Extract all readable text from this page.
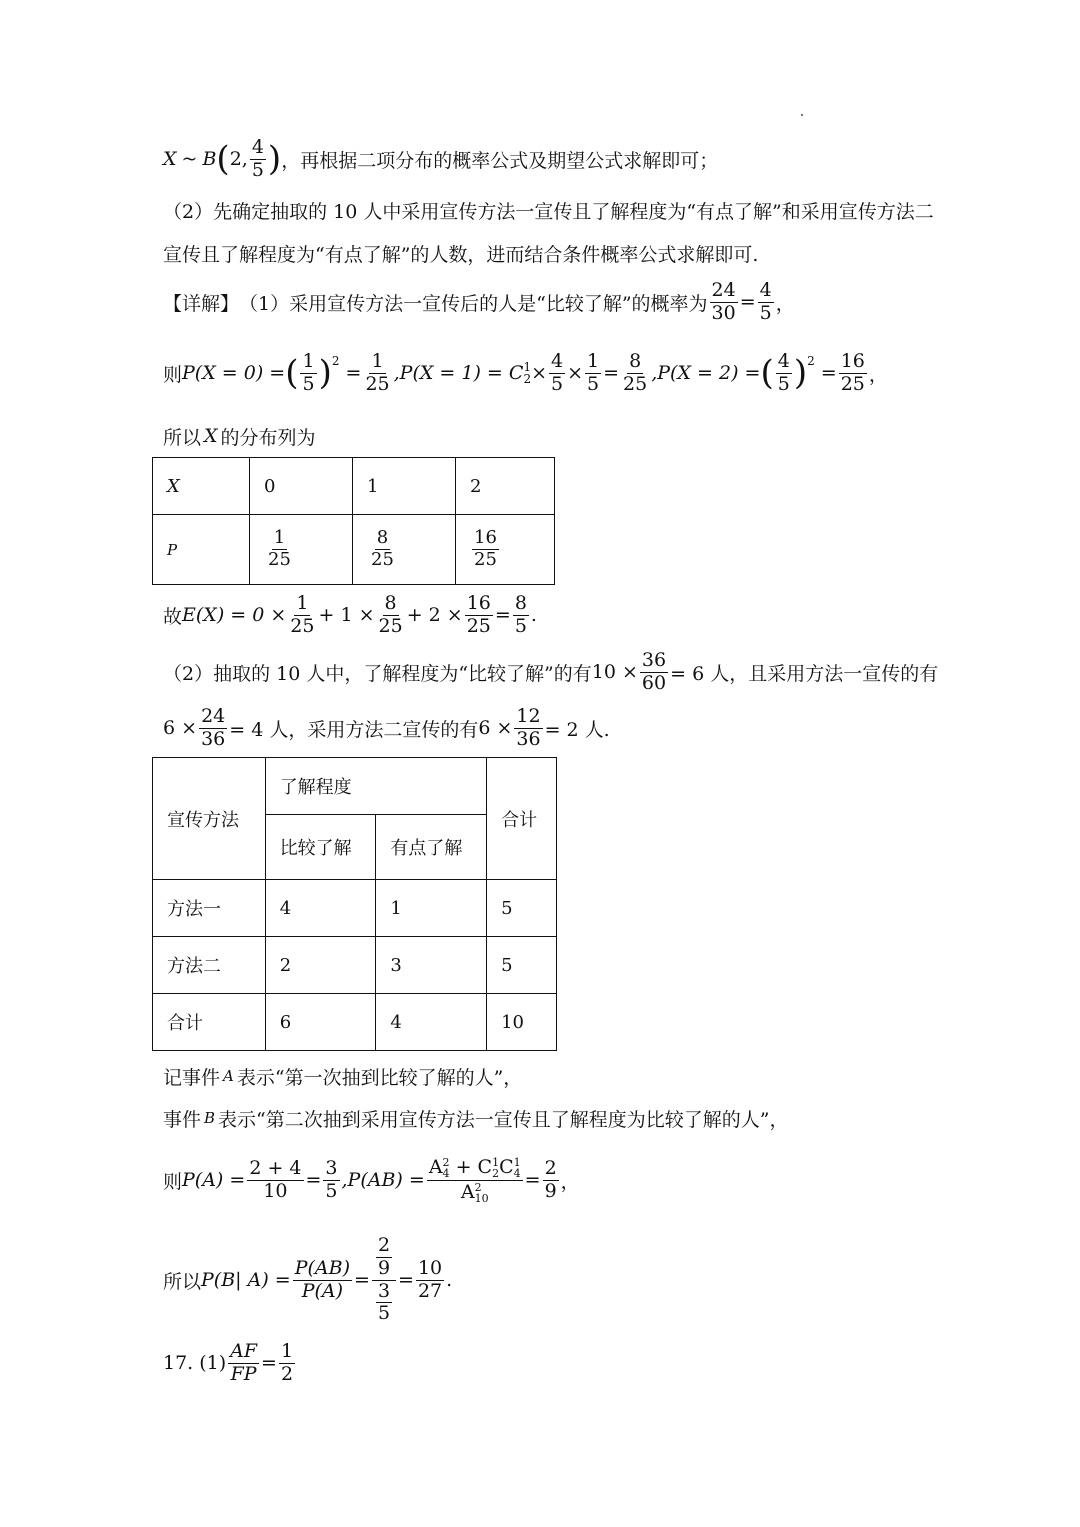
X ~ B ( 2, $\frac{4}{5}$ ) ，再根据二项分布的概率公式及期望公式求解即可；
（2）先确定抽取的 10 人中采用宣传方法一宣传且了解程度为“有点了解”和采用宣传方法二
宣传且了解程度为“有点了解”的人数，进而结合条件概率公式求解即可.
【详解】 （1）采用宣传方法一宣传后的人是“比较了解”的概率为 $\frac{24}{30} = \frac{4}{5}$ ，
则 P(X = 0) = ( $\frac{1}{5}$ ) 2
= $\frac{1}{25} ,P(X = 1) = C$ 1
$2 \times \frac{4}{5} \times \frac{1}{5} = \frac{8}{25} ,P(X = 2)$ = ( $\frac{4}{5}$ ) 2
= $\frac{16}{25}$ ，
所以 X 的分布列为
X	0	1	2
P	$\frac{1}{25}$	$\frac{8}{25}$	$\frac{16}{25}$
故 $E(X) = 0 \times \frac{1}{25} + 1 \times \frac{8}{25} + 2 \times \frac{16}{25} = \frac{8}{5}$ .
（2）抽取的 10 人中，了解程度为“比较了解”的有 $10 \times \frac{36}{60} = 6$ 人，且采用方法一宣传的有
$6 \times \frac{24}{36} = 4$ 人，采用方法二宣传的有 $6 \times \frac{12}{36} = 2$ 人.
宣传方法	了解程度		合计
	比较了解	有点了解	
方法一	4	1	5
方法二	2	3	5
合计	6	4	10
记事件 A 表示“第一次抽到比较了解的人”，
事件 B 表示“第二次抽到采用宣传方法一宣传且了解程度为比较了解的人”，
则 $P(A) = \frac{2 + 4}{10} = \frac{3}{5} ,P(AB) = A$ 2
4 + C 1
2 C 1
4
A 2
$10 = \frac{2}{9}$ ，
所以 P(B| $A) = \frac{P(AB)}{P(A)} = \frac{\frac{2}{9}}{\frac{3}{5}} = \frac{10}{27}$ .
17. $(1) \frac{AF}{FP} = \frac{1}{2}$
